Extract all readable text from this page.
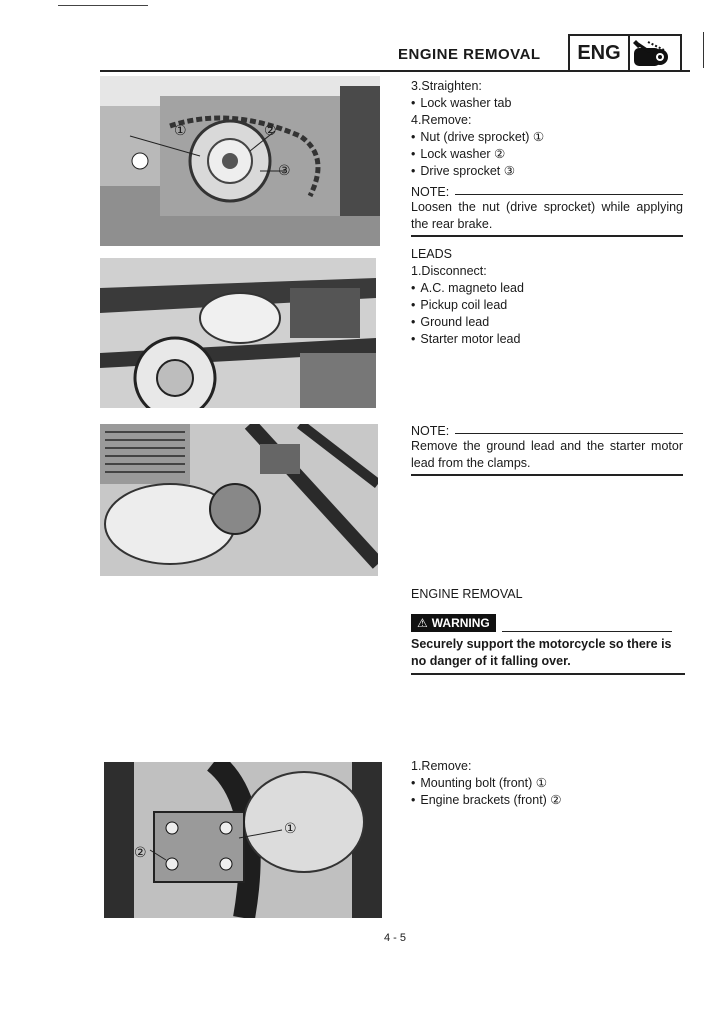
ENGINE REMOVAL	ENG
①	②
③
②
①
3.Straighten:
• Lock washer tab
4.Remove:
• Nut (drive sprocket) ①
• Lock washer ②
• Drive sprocket ③
NOTE:
Loosen the nut (drive sprocket) while applying the rear brake.
LEADS
1.Disconnect:
• A.C. magneto lead
• Pickup coil lead
• Ground lead
• Starter motor lead
NOTE:
Remove the ground lead and the starter motor lead from the clamps.
ENGINE REMOVAL
⚠ WARNING
Securely support the motorcycle so there is no danger of it falling over.
1.Remove:
• Mounting bolt (front) ①
• Engine brackets (front) ②
4 - 5
